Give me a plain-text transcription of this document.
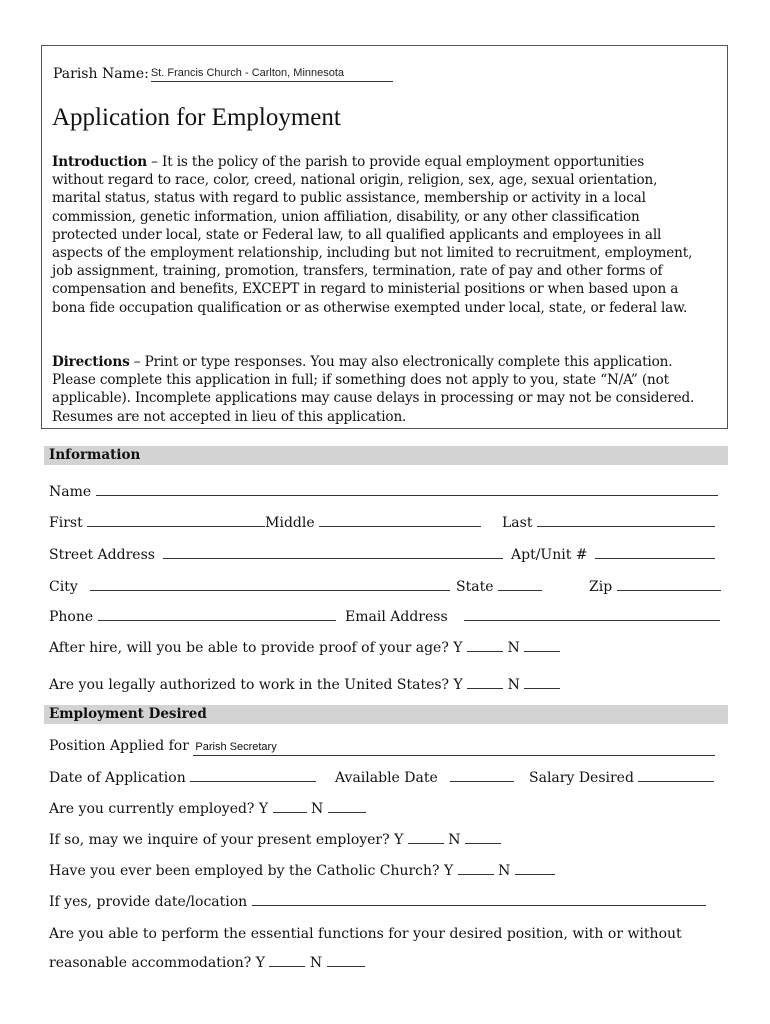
Parish Name: St. Francis Church - Carlton, Minnesota
Application for Employment
Introduction – It is the policy of the parish to provide equal employment opportunities without regard to race, color, creed, national origin, religion, sex, age, sexual orientation, marital status, status with regard to public assistance, membership or activity in a local commission, genetic information, union affiliation, disability, or any other classification protected under local, state or Federal law, to all qualified applicants and employees in all aspects of the employment relationship, including but not limited to recruitment, employment, job assignment, training, promotion, transfers, termination, rate of pay and other forms of compensation and benefits, EXCEPT in regard to ministerial positions or when based upon a bona fide occupation qualification or as otherwise exempted under local, state, or federal law.
Directions – Print or type responses. You may also electronically complete this application. Please complete this application in full; if something does not apply to you, state “N/A” (not applicable). Incomplete applications may cause delays in processing or may not be considered. Resumes are not accepted in lieu of this application.
Information
Name
First	Middle	Last
Street Address	Apt/Unit #
City	State	Zip
Phone	Email Address
After hire, will you be able to provide proof of your age? Y	N
Are you legally authorized to work in the United States? Y	N
Employment Desired
Position Applied for Parish Secretary
Date of Application	Available Date	Salary Desired
Are you currently employed? Y	N
If so, may we inquire of your present employer? Y	N
Have you ever been employed by the Catholic Church? Y	N
If yes, provide date/location
Are you able to perform the essential functions for your desired position, with or without
reasonable accommodation? Y	N
